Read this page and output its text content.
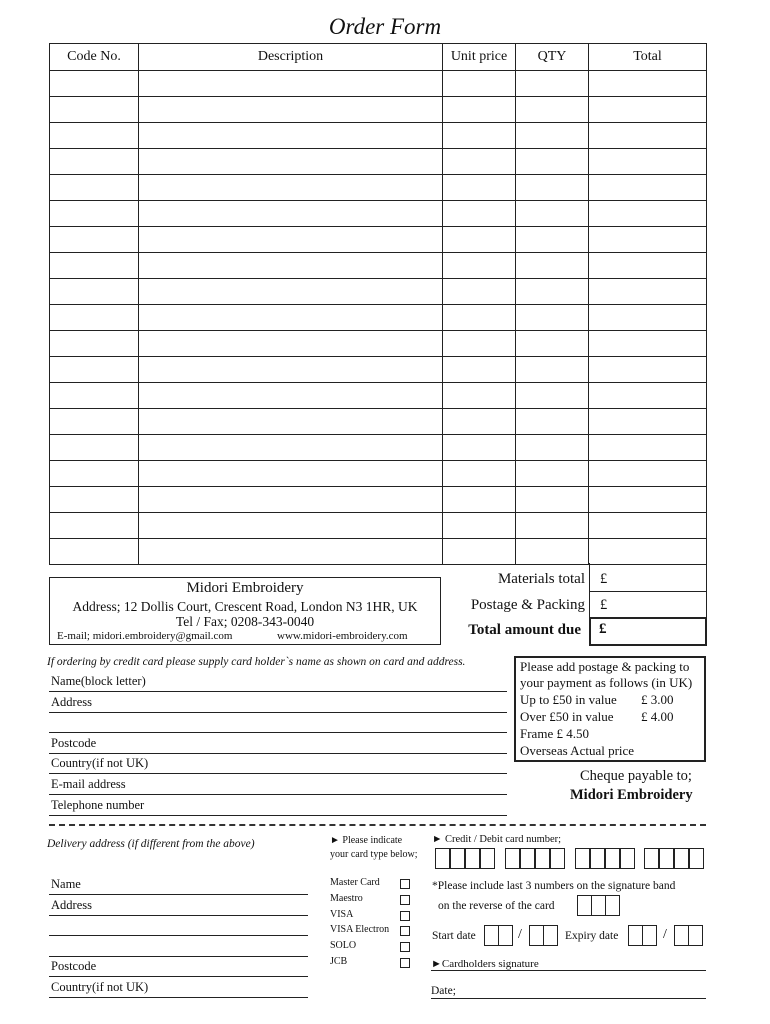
Order Form
Code No.	Description	Unit price	QTY	Total

Midori Embroidery
Address; 12 Dollis Court, Crescent Road, London N3 1HR, UK
Tel / Fax; 0208-343-0040
E-mail; midori.embroidery@gmail.com	www.midori-embroidery.com
Materials total £
Postage & Packing £
Total amount due £
If ordering by credit card please supply card holder`s name as shown on card and address.
Name(block letter)
Address
Postcode
Country(if not UK)
E-mail address
Telephone number
Please add postage & packing to
your payment as follows (in UK)
Up to £50 in value £ 3.00
Over £50 in value £ 4.00
Frame £ 4.50
Overseas Actual price
Cheque payable to;
Midori Embroidery
Delivery address (if different from the above)
Name
Address
Postcode
Country(if not UK)
► Please indicate
your card type below;
Master Card
Maestro
VISA
VISA Electron
SOLO
JCB
► Credit / Debit card number;
*Please include last 3 numbers on the signature band
on the reverse of the card
Start date	/	Expiry date	/
►Cardholders signature
Date;
